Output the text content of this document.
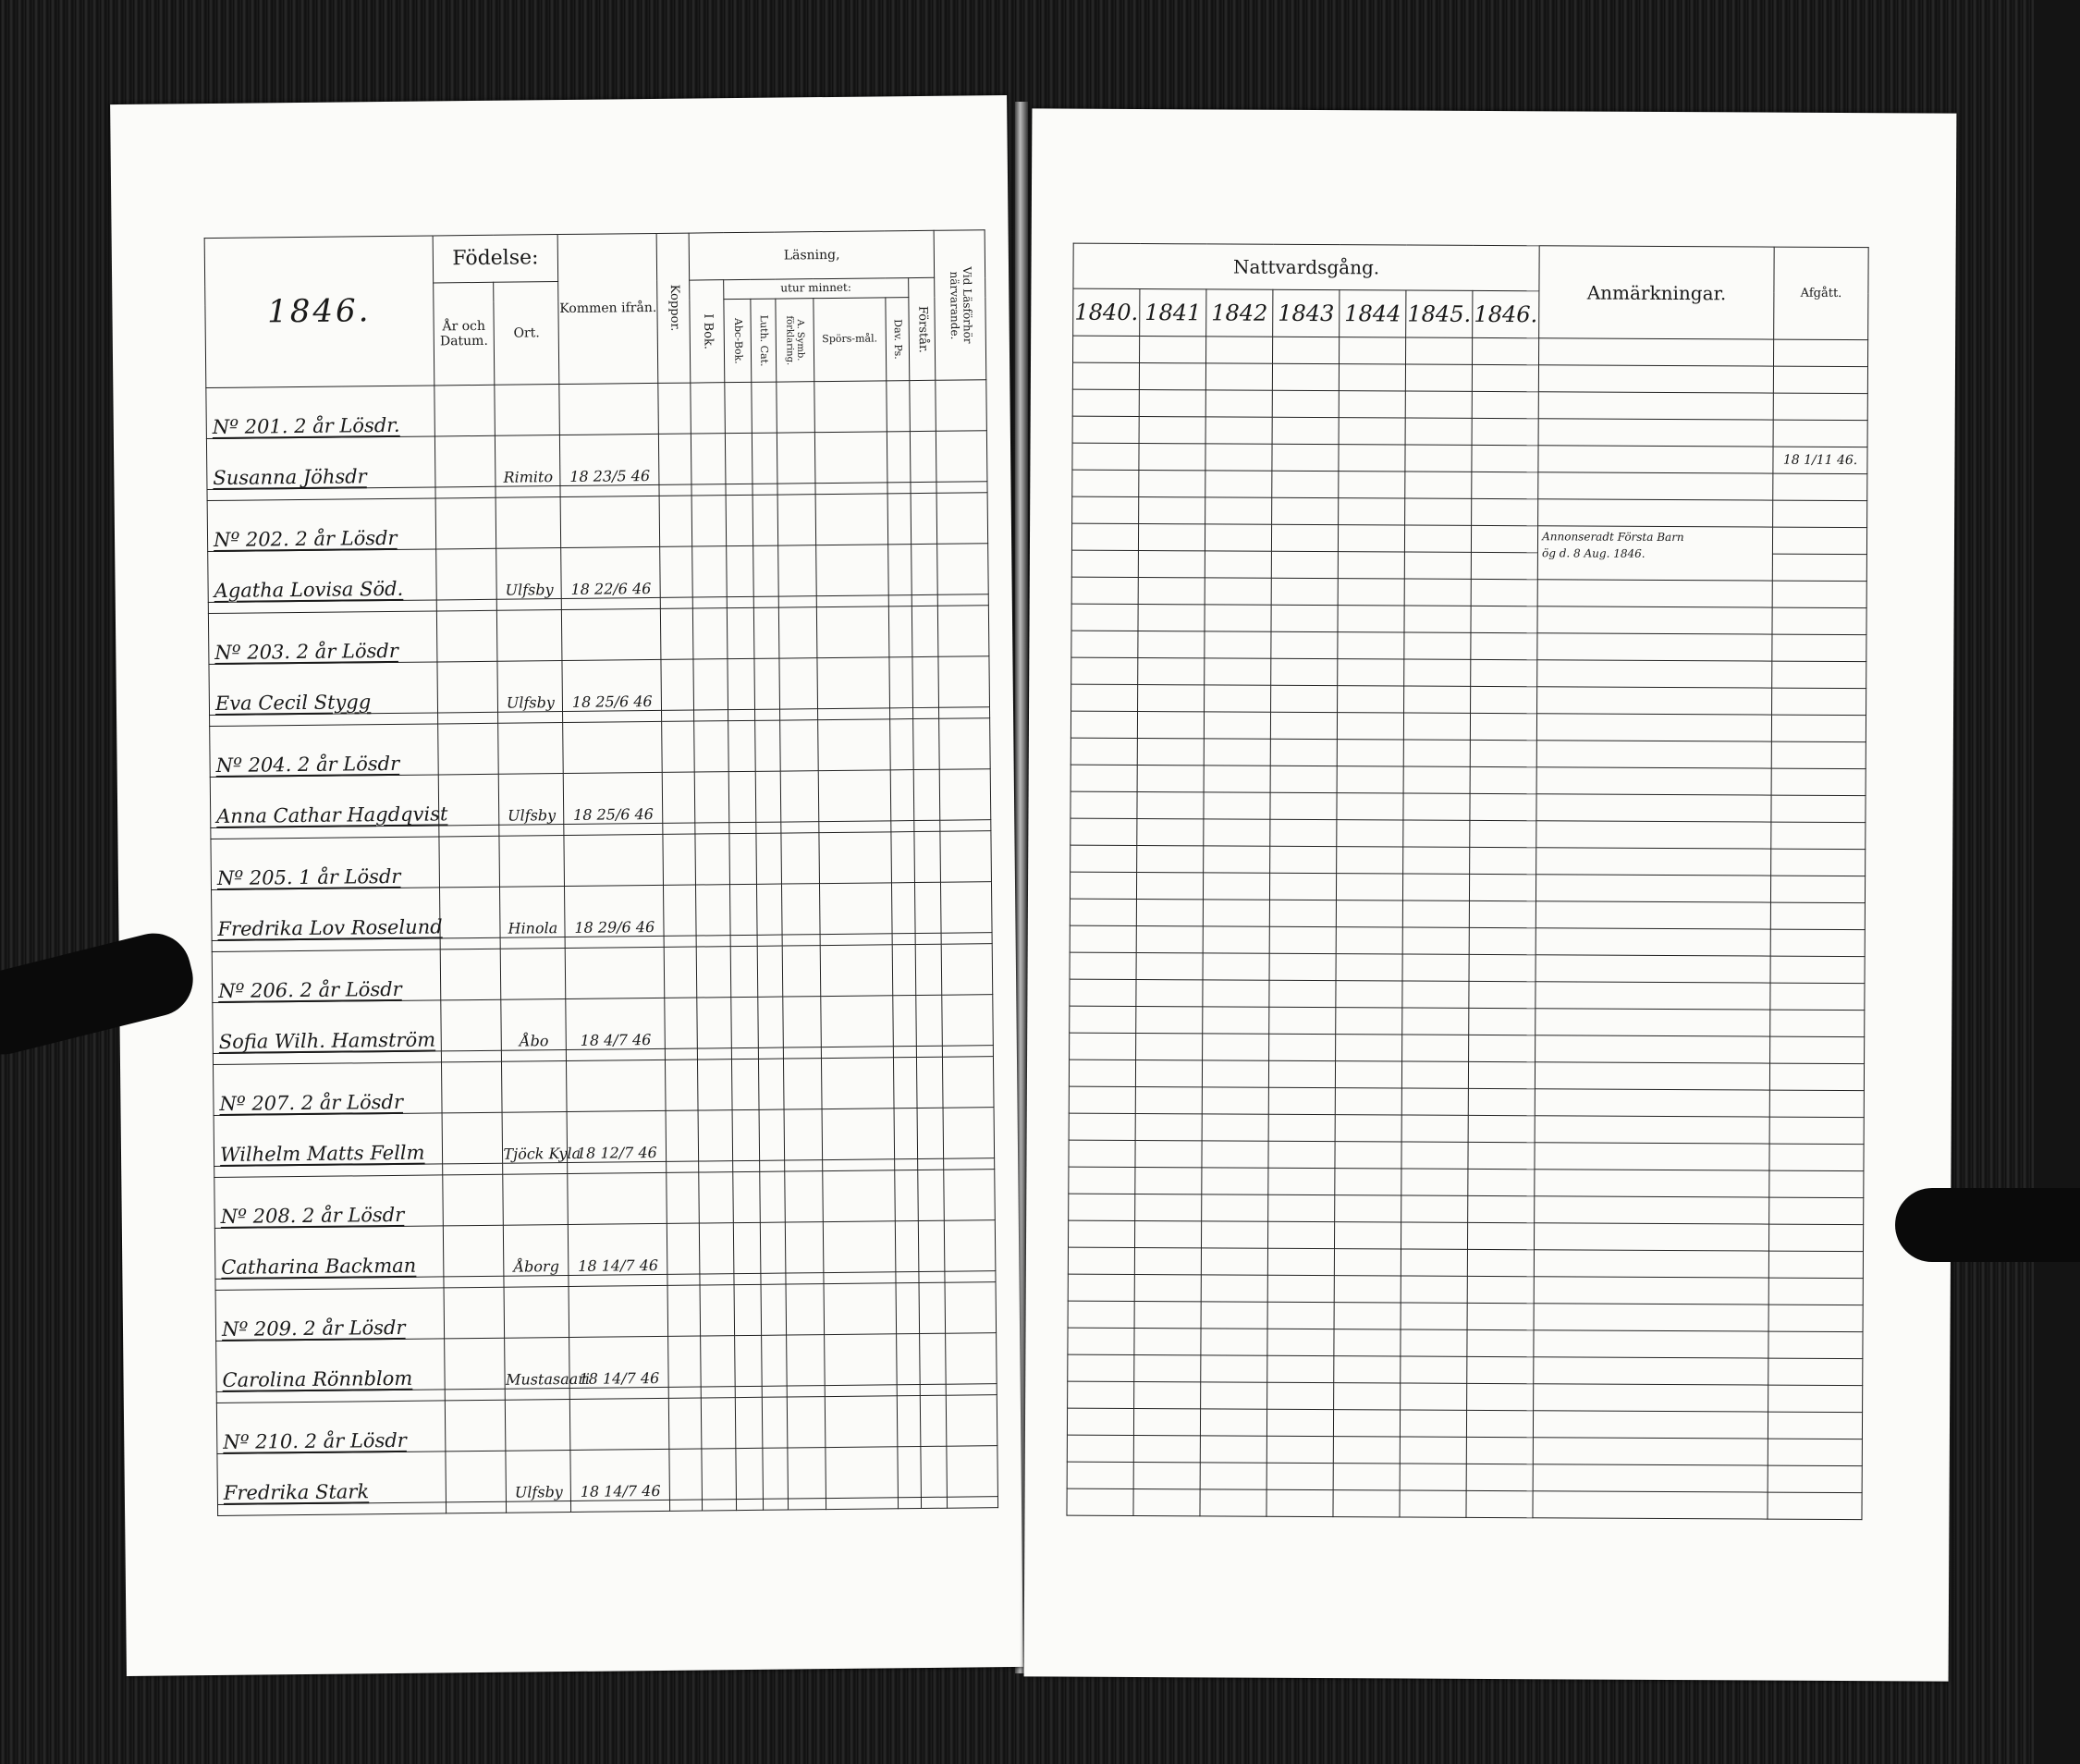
1846.	Födelse:		Kommen ifrån.	Koppor.	Läsning,							Vid Läsförhör närvarande.

	År och Datum.	Ort.			I Bok.	utur minnet:					Förstår.	

						Abc-Bok.	Luth. Cat.	A. Symb. förklaring.	Spörs-mål.	Dav. Ps.		

Nº 201. 2 år Lösdr.												
Susanna Jöhsdr		Rimito	18 23/5 46									

Nº 202. 2 år Lösdr												
Agatha Lovisa Söd.		Ulfsby	18 22/6 46									

Nº 203. 2 år Lösdr												
Eva Cecil Stygg		Ulfsby	18 25/6 46									

Nº 204. 2 år Lösdr												
Anna Cathar Hagdqvist		Ulfsby	18 25/6 46									

Nº 205. 1 år Lösdr												
Fredrika Lov Roselund		Hinola	18 29/6 46									

Nº 206. 2 år Lösdr												
Sofia Wilh. Hamström		Åbo	18 4/7 46									

Nº 207. 2 år Lösdr												
Wilhelm Matts Fellm		Tjöck Kyla	18 12/7 46									

Nº 208. 2 år Lösdr												
Catharina Backman		Åborg	18 14/7 46									

Nº 209. 2 år Lösdr												
Carolina Rönnblom		Mustasaari	18 14/7 46									

Nº 210. 2 år Lösdr												
Fredrika Stark		Ulfsby	18 14/7 46									

Nattvardsgång.							Anmärkningar.	Afgått.
1840.	1841	1842	1843	1844	1845.	1846.		

								18 1/11 46.

							Annonseradt Första Barn
ög d. 8 Aug. 1846.	
